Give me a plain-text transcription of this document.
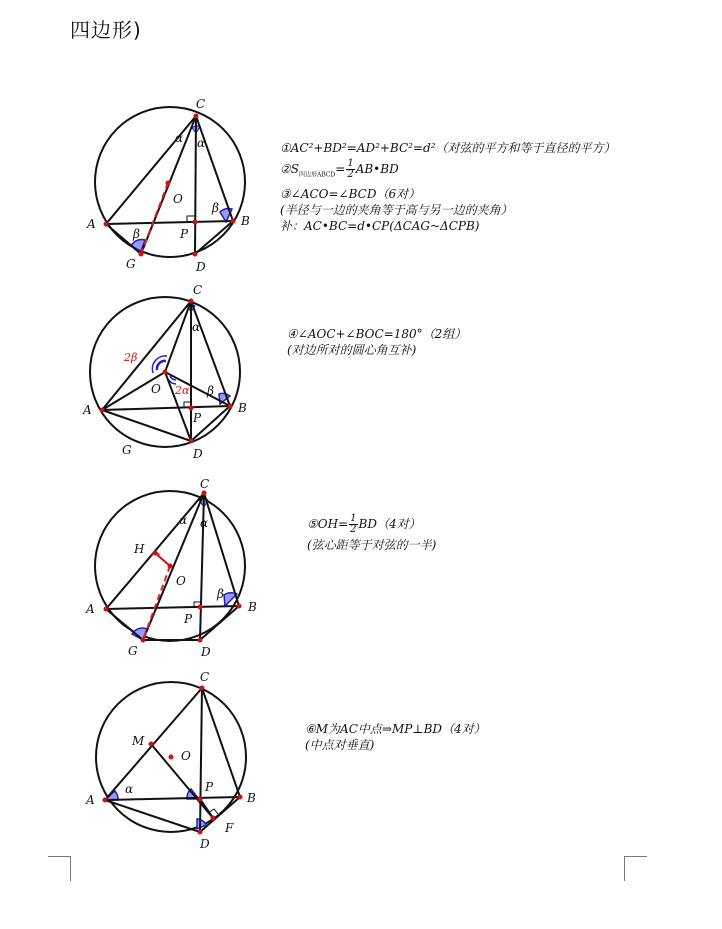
四边形)
C
A	B
D
G
P
O
α α
β
β
①AC²+BD²=AD²+BC²=d²（对弦的平方和等于直径的平方）
$②S_{四边形ABCD}= \frac{1}{2}$ AB•BD
③∠ACO=∠BCD（6对）
(半径与一边的夹角等于高与另一边的夹角）
补：AC•BC=d•CP(ΔCAG~ΔCPB)
C
A	B
D
G
P
O
α
β
2β
2α
④∠AOC+∠BOC=180°（2组）
(对边所对的圆心角互补)
C
A	B
D
G
P
O
H
α α
β
⑤OH= $\frac{1}{2} BD(4$对）
(弦心距等于对弦的一半)
C
A	B
D
P
O
M
F
α
⑥M为AC中点⇒MP⊥BD（4对）
(中点对垂直)
